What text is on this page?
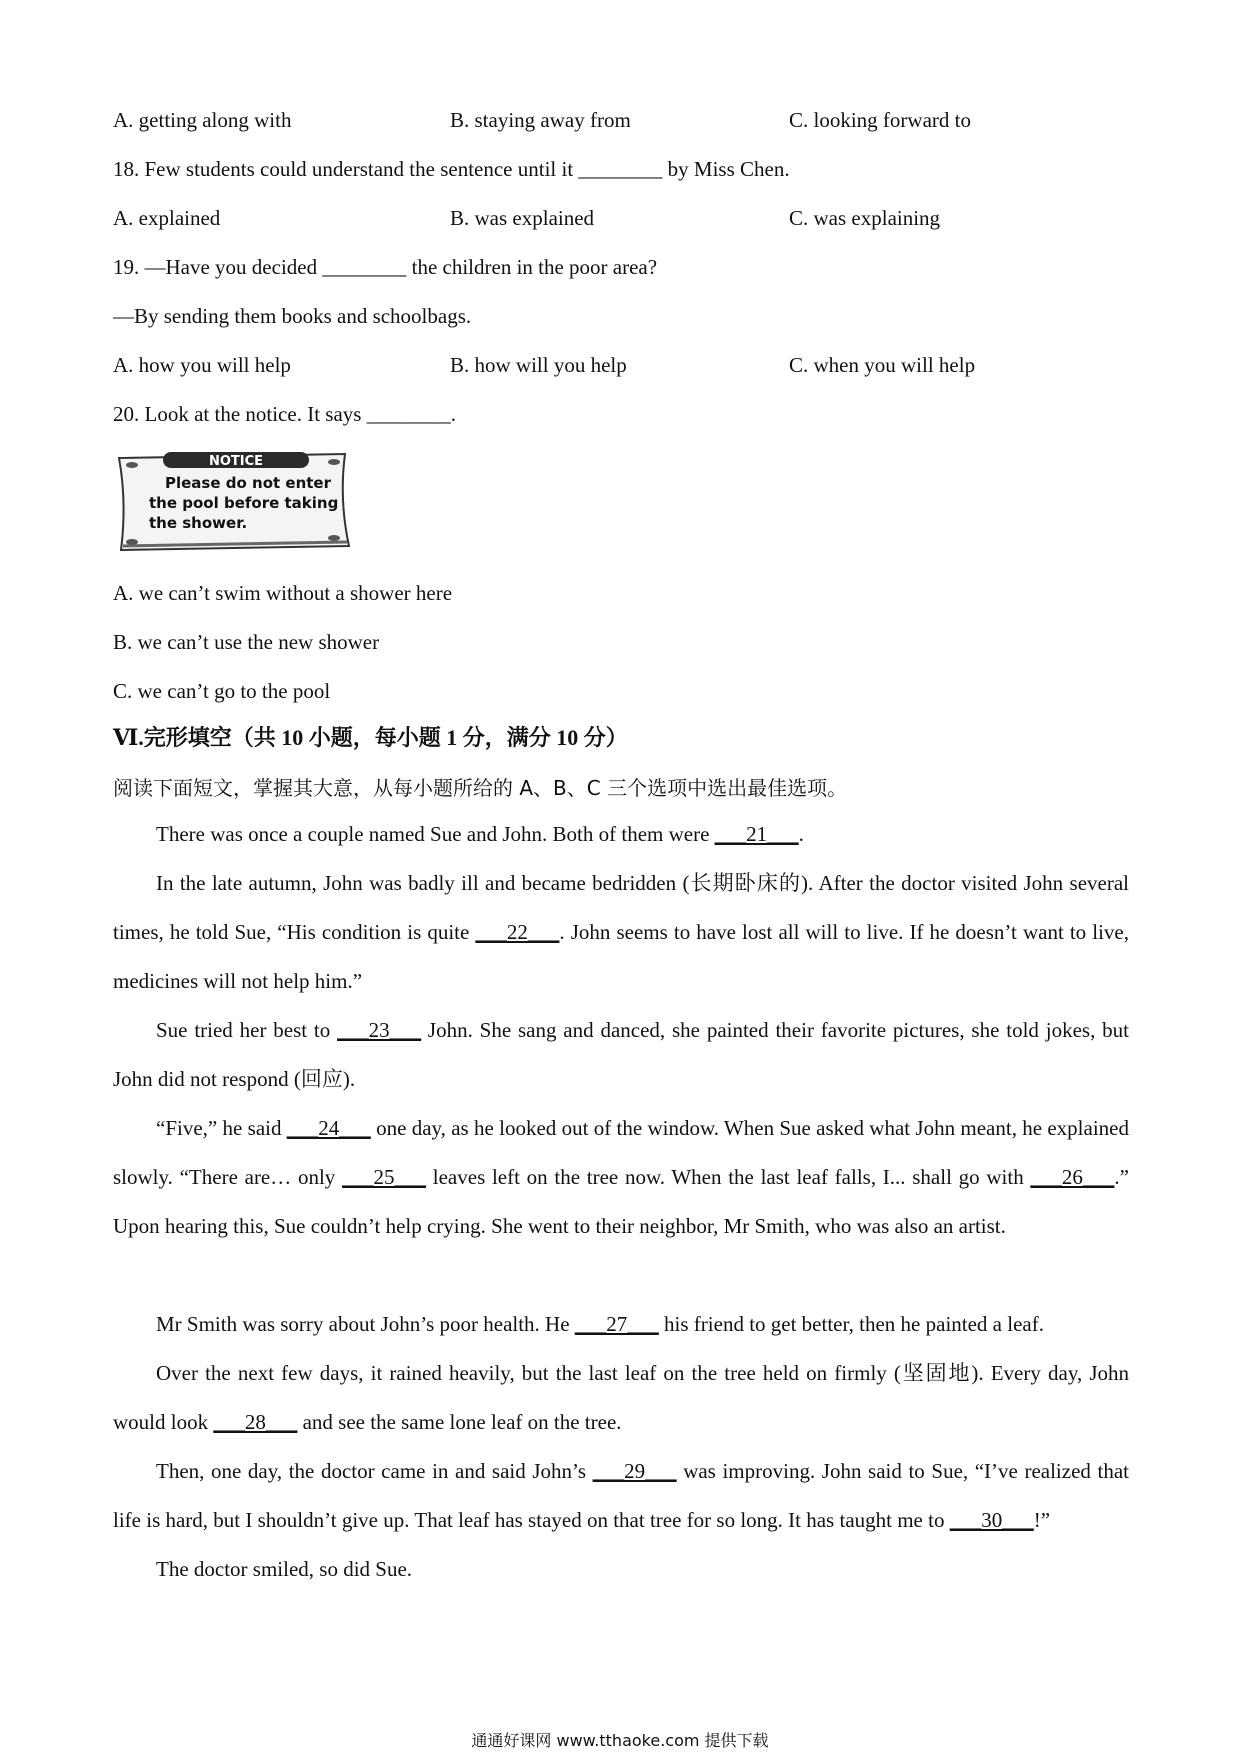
A. getting along with	B. staying away from	C. looking forward to
18. Few students could understand the sentence until it ________ by Miss Chen.
A. explained	B. was explained	C. was explaining
19. —Have you decided ________ the children in the poor area?
—By sending them books and schoolbags.
A. how you will help	B. how will you help	C. when you will help
20. Look at the notice. It says ________.
NOTICE
Please do not enter
the pool before taking
the shower.
A. we can’t swim without a shower here
B. we can’t use the new shower
C. we can’t go to the pool
Ⅵ.完形填空（共 10 小题，每小题 1 分，满分 10 分）
阅读下面短文，掌握其大意，从每小题所给的 A、B、C 三个选项中选出最佳选项。
There was once a couple named Sue and John. Both of them were ___21___.
In the late autumn, John was badly ill and became bedridden (长期卧床的). After the doctor visited John several times, he told Sue, “His condition is quite ___22___. John seems to have lost all will to live. If he doesn’t want to live, medicines will not help him.”
Sue tried her best to ___23___ John. She sang and danced, she painted their favorite pictures, she told jokes, but John did not respond (回应).
“Five,” he said ___24___ one day, as he looked out of the window. When Sue asked what John meant, he explained slowly. “There are… only ___25___ leaves left on the tree now. When the last leaf falls, I... shall go with ___26___.” Upon hearing this, Sue couldn’t help crying. She went to their neighbor, Mr Smith, who was also an artist.
Mr Smith was sorry about John’s poor health. He ___27___ his friend to get better, then he painted a leaf.
Over the next few days, it rained heavily, but the last leaf on the tree held on firmly (坚固地). Every day, John would look ___28___ and see the same lone leaf on the tree.
Then, one day, the doctor came in and said John’s ___29___ was improving. John said to Sue, “I’ve realized that life is hard, but I shouldn’t give up. That leaf has stayed on that tree for so long. It has taught me to ___30___!”
The doctor smiled, so did Sue.
通通好课网 www.tthaoke.com 提供下载
